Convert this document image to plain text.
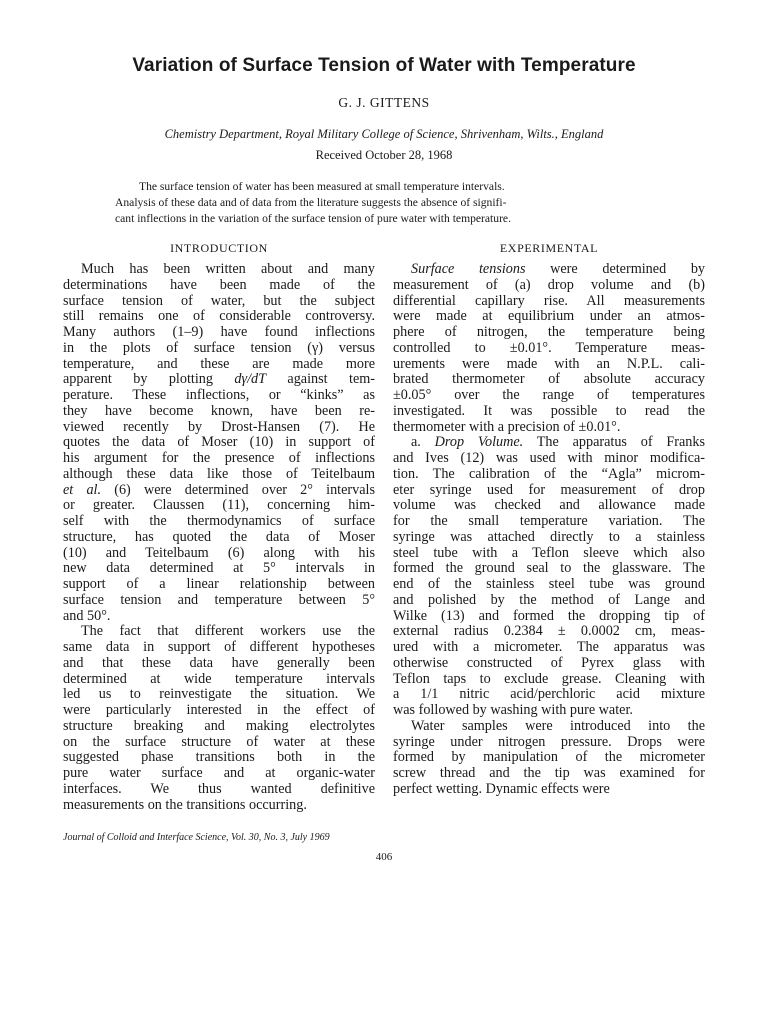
Variation of Surface Tension of Water with Temperature
G. J. GITTENS
Chemistry Department, Royal Military College of Science, Shrivenham, Wilts., England
Received October 28, 1968
The surface tension of water has been measured at small temperature intervals.
Analysis of these data and of data from the literature suggests the absence of signifi-
cant inflections in the variation of the surface tension of pure water with temperature.
INTRODUCTION	EXPERIMENTAL
Much has been written about and many
determinations have been made of the
surface tension of water, but the subject
still remains one of considerable controversy.
Many authors (1–9) have found inflections
in the plots of surface tension (γ) versus
temperature, and these are made more
apparent by plotting dγ/dT against tem-
perature. These inflections, or “kinks” as
they have become known, have been re-
viewed recently by Drost-Hansen (7). He
quotes the data of Moser (10) in support of
his argument for the presence of inflections
although these data like those of Teitelbaum
et al. (6) were determined over 2° intervals
or greater. Claussen (11), concerning him-
self with the thermodynamics of surface
structure, has quoted the data of Moser
(10) and Teitelbaum (6) along with his
new data determined at 5° intervals in
support of a linear relationship between
surface tension and temperature between 5°
and 50°.
The fact that different workers use the
same data in support of different hypotheses
and that these data have generally been
determined at wide temperature intervals
led us to reinvestigate the situation. We
were particularly interested in the effect of
structure breaking and making electrolytes
on the surface structure of water at these
suggested phase transitions both in the
pure water surface and at organic-water
interfaces. We thus wanted definitive
measurements on the transitions occurring.
Surface tensions were determined by
measurement of (a) drop volume and (b)
differential capillary rise. All measurements
were made at equilibrium under an atmos-
phere of nitrogen, the temperature being
controlled to ±0.01°. Temperature meas-
urements were made with an N.P.L. cali-
brated thermometer of absolute accuracy
±0.05° over the range of temperatures
investigated. It was possible to read the
thermometer with a precision of ±0.01°.
a. Drop Volume. The apparatus of Franks
and Ives (12) was used with minor modifica-
tion. The calibration of the “Agla” microm-
eter syringe used for measurement of drop
volume was checked and allowance made
for the small temperature variation. The
syringe was attached directly to a stainless
steel tube with a Teflon sleeve which also
formed the ground seal to the glassware. The
end of the stainless steel tube was ground
and polished by the method of Lange and
Wilke (13) and formed the dropping tip of
external radius 0.2384 ± 0.0002 cm, meas-
ured with a micrometer. The apparatus was
otherwise constructed of Pyrex glass with
Teflon taps to exclude grease. Cleaning with
a 1/1 nitric acid/perchloric acid mixture
was followed by washing with pure water.
Water samples were introduced into the
syringe under nitrogen pressure. Drops were
formed by manipulation of the micrometer
screw thread and the tip was examined for
perfect wetting. Dynamic effects were
Journal of Colloid and Interface Science, Vol. 30, No. 3, July 1969
406
